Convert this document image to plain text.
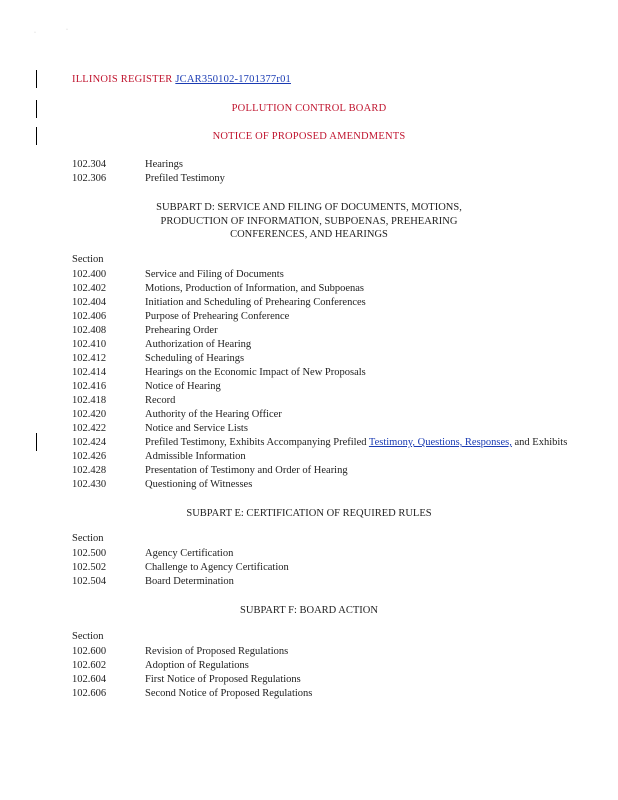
·	·
ILLINOIS REGISTER JCAR350102-1701377r01
POLLUTION CONTROL BOARD
NOTICE OF PROPOSED AMENDMENTS
102.304	Hearings
102.306	Prefiled Testimony
SUBPART D: SERVICE AND FILING OF DOCUMENTS, MOTIONS,
PRODUCTION OF INFORMATION, SUBPOENAS, PREHEARING
CONFERENCES, AND HEARINGS
Section
102.400	Service and Filing of Documents
102.402	Motions, Production of Information, and Subpoenas
102.404	Initiation and Scheduling of Prehearing Conferences
102.406	Purpose of Prehearing Conference
102.408	Prehearing Order
102.410	Authorization of Hearing
102.412	Scheduling of Hearings
102.414	Hearings on the Economic Impact of New Proposals
102.416	Notice of Hearing
102.418	Record
102.420	Authority of the Hearing Officer
102.422	Notice and Service Lists
102.424	Prefiled Testimony, Exhibits Accompanying Prefiled Testimony, Questions, Responses, and Exhibits
102.426	Admissible Information
102.428	Presentation of Testimony and Order of Hearing
102.430	Questioning of Witnesses
SUBPART E: CERTIFICATION OF REQUIRED RULES
Section
102.500	Agency Certification
102.502	Challenge to Agency Certification
102.504	Board Determination
SUBPART F: BOARD ACTION
Section
102.600	Revision of Proposed Regulations
102.602	Adoption of Regulations
102.604	First Notice of Proposed Regulations
102.606	Second Notice of Proposed Regulations
